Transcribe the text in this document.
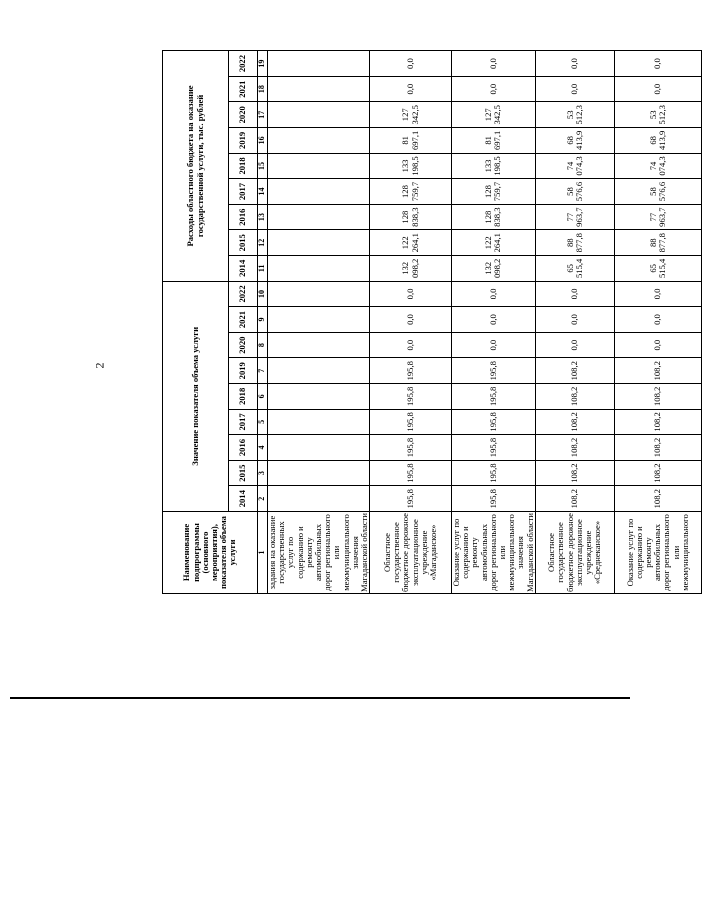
2
Наименование подпрограммы (основного мероприятия), показателя объема услуги	Значение показателя объема услуги									Расходы областного бюджета на оказание государственной услуги, тыс. рублей								
	2014	2015	2016	2017	2018	2019	2020	2021	2022	2014	2015	2016	2017	2018	2019	2020	2021	2022
1	2	3	4	5	6	7	8	9	10	11	12	13	14	15	16	17	18	19
задания на оказание государственных услуг по содержанию и ремонту автомобильных дорог регионального или межмуниципального значения Магаданской области																		
Областное государственное бюджетное дорожное эксплуатационное учреждение «Магаданское»	195,8	195,8	195,8	195,8	195,8	195,8	0,0	0,0	0,0	132 098,2	122 264,1	128 838,3	128 759,7	133 198,5	81 697,1	127 342,5	0,0	0,0
Оказание услуг по содержанию и ремонту автомобильных дорог регионального или межмуниципального значения Магаданской области	195,8	195,8	195,8	195,8	195,8	195,8	0,0	0,0	0,0	132 098,2	122 264,1	128 838,3	128 759,7	133 198,5	81 697,1	127 342,5	0,0	0,0
Областное государственное бюджетное дорожное эксплуатационное учреждение «Среднеканское»	108,2	108,2	108,2	108,2	108,2	108,2	0,0	0,0	0,0	65 515,4	88 877,8	77 963,7	58 576,6	74 074,3	68 413,9	53 512,3	0,0	0,0
Оказание услуг по содержанию и ремонту автомобильных дорог регионального или межмуниципального	108,2	108,2	108,2	108,2	108,2	108,2	0,0	0,0	0,0	65 515,4	88 877,8	77 963,7	58 576,6	74 074,3	68 413,9	53 512,3	0,0	0,0
